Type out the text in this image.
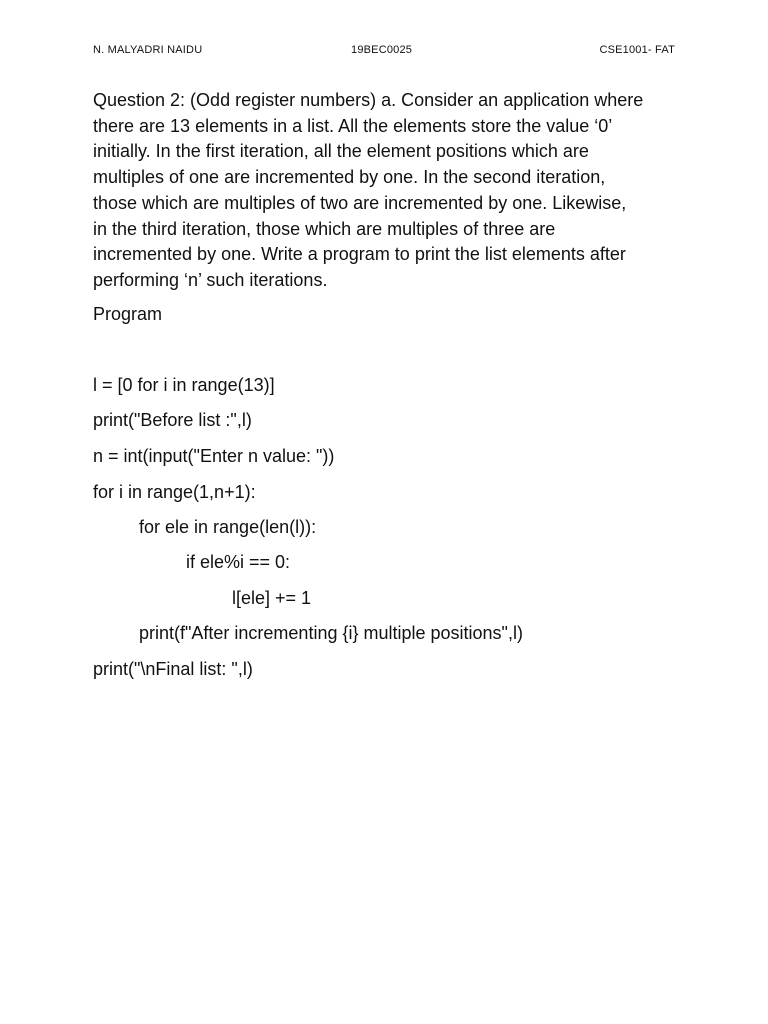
N. MALYADRI NAIDU	19BEC0025	CSE1001- FAT
Question 2: (Odd register numbers) a. Consider an application where
there are 13 elements in a list. All the elements store the value ‘0’
initially. In the first iteration, all the element positions which are
multiples of one are incremented by one. In the second iteration,
those which are multiples of two are incremented by one. Likewise,
in the third iteration, those which are multiples of three are
incremented by one. Write a program to print the list elements after
performing ‘n’ such iterations.
Program
l = [0 for i in range(13)]
print("Before list :",l)
n = int(input("Enter n value: "))
for i in range(1,n+1):
for ele in range(len(l)):
if ele%i == 0:
l[ele] += 1
print(f"After incrementing {i} multiple positions",l)
print("\nFinal list: ",l)
